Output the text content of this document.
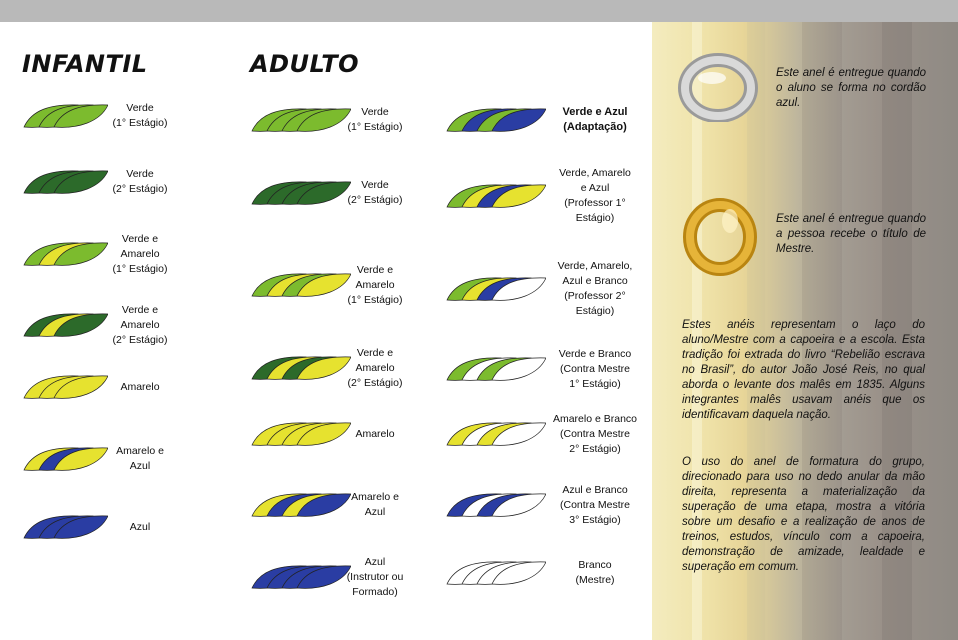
INFANTIL	ADULTO
Verde
(1° Estágio)
Verde
(2° Estágio)
Verde e
Amarelo
(1° Estágio)
Verde e
Amarelo
(2° Estágio)
Amarelo
Amarelo e
Azul
Azul
Verde
(1° Estágio)
Verde
(2° Estágio)
Verde e
Amarelo
(1° Estágio)
Verde e
Amarelo
(2° Estágio)
Amarelo
Amarelo e
Azul
Azul
(Instrutor ou
Formado)
Verde e Azul
(Adaptação)
Verde, Amarelo
e Azul
(Professor 1°
Estágio)
Verde, Amarelo,
Azul e Branco
(Professor 2°
Estágio)
Verde e Branco
(Contra Mestre
1° Estágio)
Amarelo e Branco
(Contra Mestre
2° Estágio)
Azul e Branco
(Contra Mestre
3° Estágio)
Branco
(Mestre)
Este anel é entregue quando o aluno se forma no cordão azul.
Este anel é entregue quando a pessoa recebe o título de Mestre.
Estes anéis representam o laço do aluno/Mestre com a capoeira e a escola. Esta tradição foi extrada do livro “Rebelião escrava no Brasil”, do autor João José Reis, no qual aborda o levante dos malês em 1835. Alguns integrantes malês usavam anéis que os identificavam daquela nação.
O uso do anel de formatura do grupo, direcionado para uso no dedo anular da mão direita, representa a materialização da superação de uma etapa, mostra a vitória sobre um desafio e a realização de anos de treinos, estudos, vínculo com a capoeira, demonstração de amizade, lealdade e superação em comum.
